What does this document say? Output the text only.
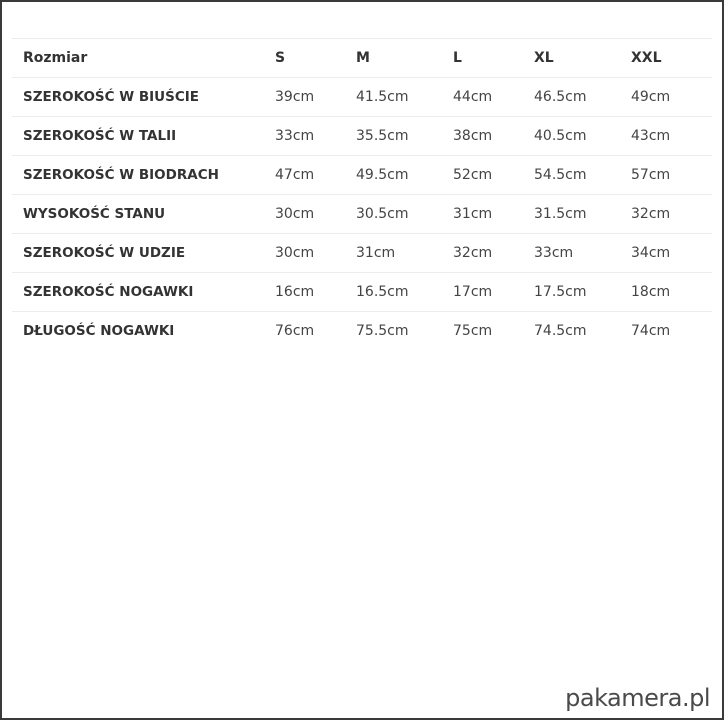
Rozmiar	S	M	L	XL	XXL
SZEROKOŚĆ W BIUŚCIE	39cm	41.5cm	44cm	46.5cm	49cm
SZEROKOŚĆ W TALII	33cm	35.5cm	38cm	40.5cm	43cm
SZEROKOŚĆ W BIODRACH	47cm	49.5cm	52cm	54.5cm	57cm
WYSOKOŚĆ STANU	30cm	30.5cm	31cm	31.5cm	32cm
SZEROKOŚĆ W UDZIE	30cm	31cm	32cm	33cm	34cm
SZEROKOŚĆ NOGAWKI	16cm	16.5cm	17cm	17.5cm	18cm
DŁUGOŚĆ NOGAWKI	76cm	75.5cm	75cm	74.5cm	74cm
pakamera.pl
